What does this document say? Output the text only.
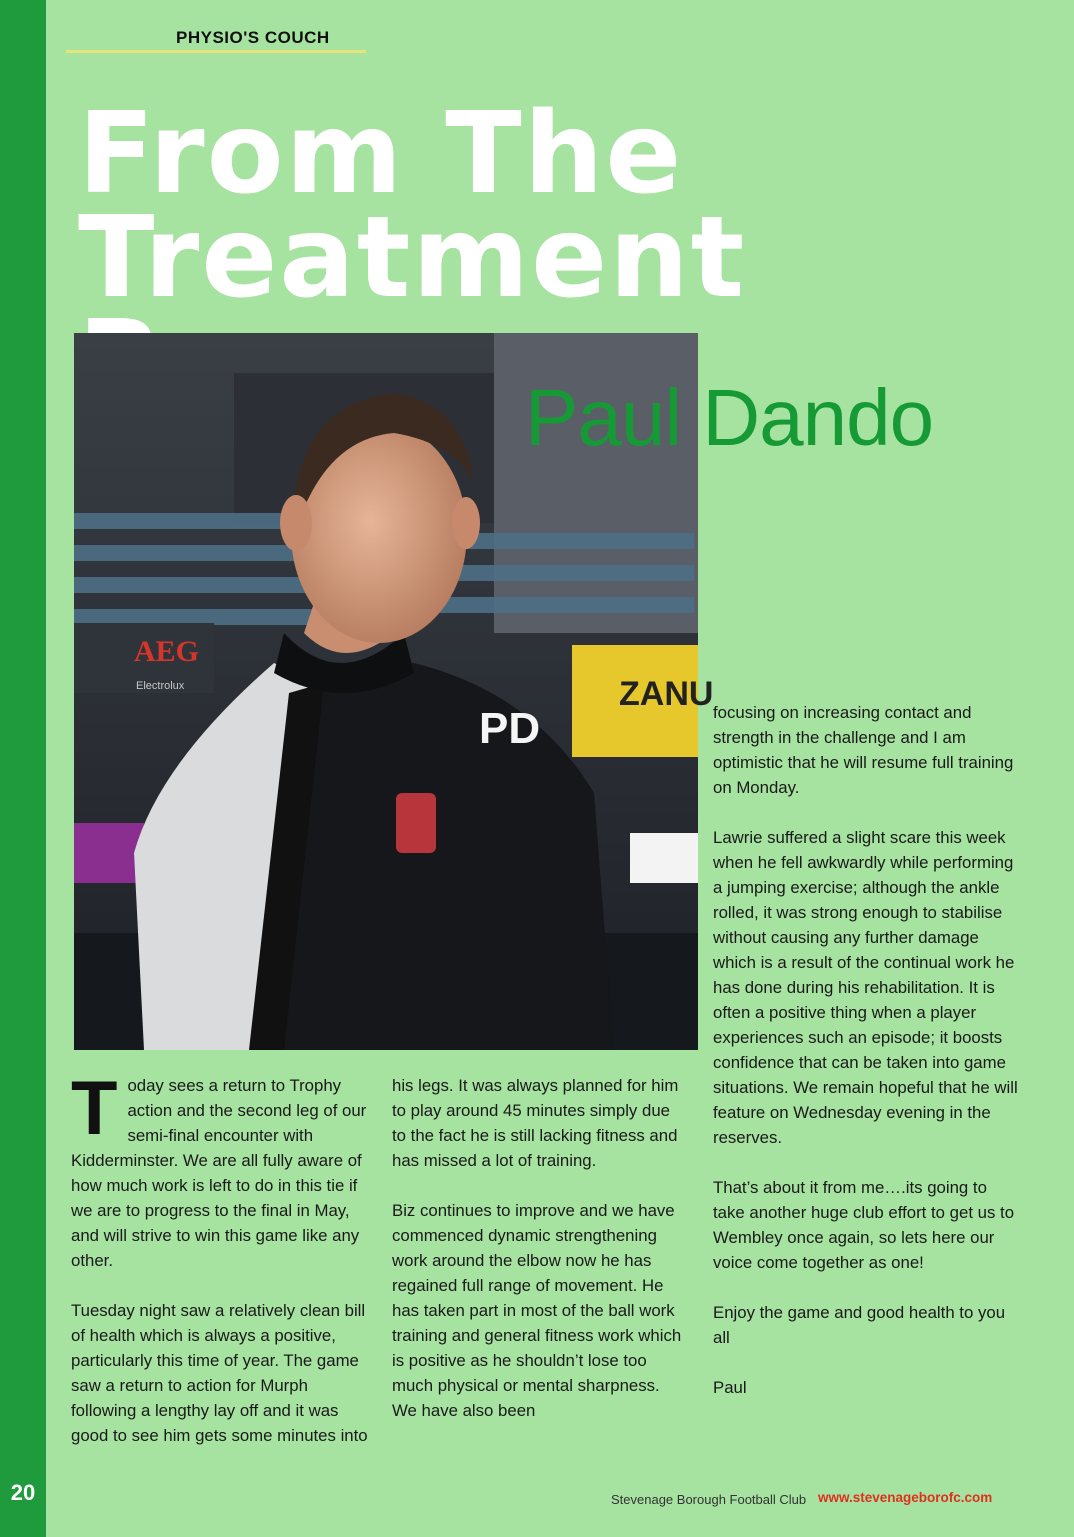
PHYSIO'S COUCH
From The
Treatment
AEG
Electrolux	ZANU
PD
Paul Dando

Today sees a return to Trophy action and the second leg of our semi-final encounter with Kidderminster. We are all fully aware of how much work is left to do in this tie if we are to progress to the final in May, and will strive to win this game like any other.

Tuesday night saw a relatively clean bill of health which is always a positive, particularly this time of year. The game saw a return to action for Murph following a lengthy lay off and it was good to see him gets some minutes into

his legs. It was always planned for him to play around 45 minutes simply due to the fact he is still lacking fitness and has missed a lot of training.

Biz continues to improve and we have commenced dynamic strengthening work around the elbow now he has regained full range of movement. He has taken part in most of the ball work training and general fitness work which is positive as he shouldn’t lose too much physical or mental sharpness. We have also been

focusing on increasing contact and strength in the challenge and I am optimistic that he will resume full training on Monday.

Lawrie suffered a slight scare this week when he fell awkwardly while performing a jumping exercise; although the ankle rolled, it was strong enough to stabilise without causing any further damage which is a result of the continual work he has done during his rehabilitation. It is often a positive thing when a player experiences such an episode; it boosts confidence that can be taken into game situations. We remain hopeful that he will feature on Wednesday evening in the reserves.

That’s about it from me….its going to take another huge club effort to get us to Wembley once again, so lets here our voice come together as one!

Enjoy the game and good health to you all

Paul

20	Stevenage Borough Football Club www.stevenageborofc.com
